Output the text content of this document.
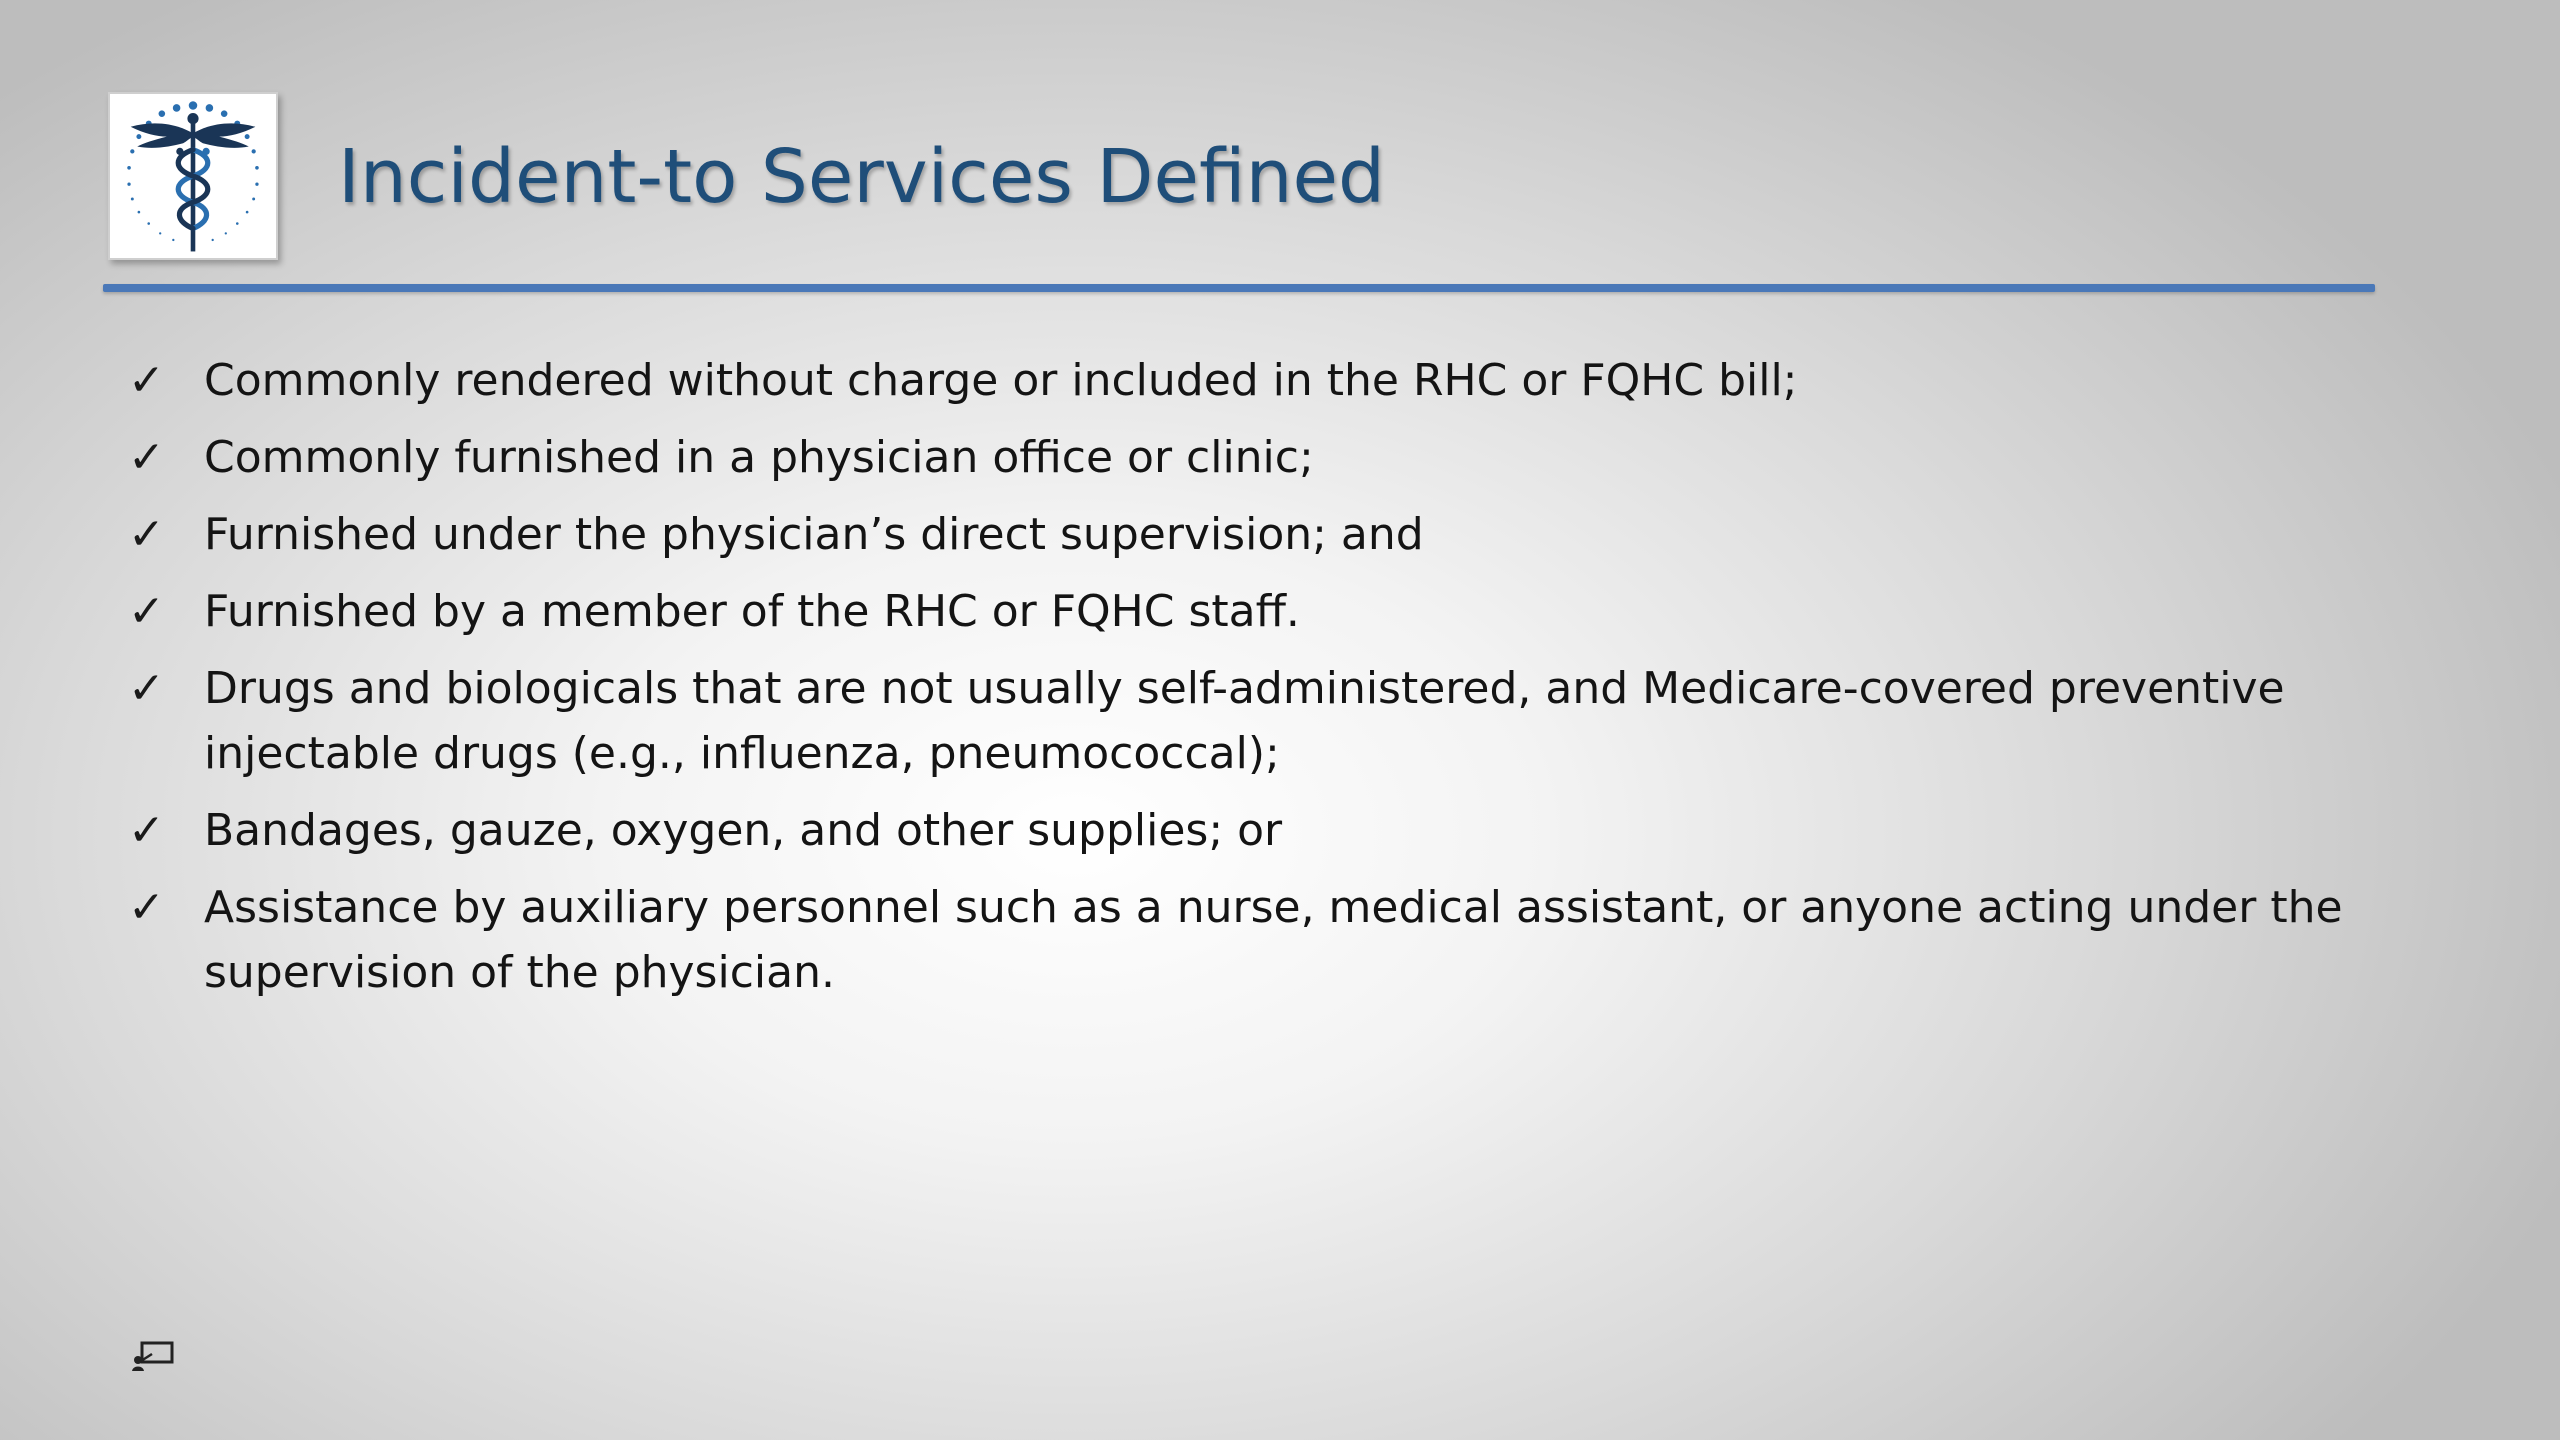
Incident-to Services Defined
✓ Commonly rendered without charge or included in the RHC or FQHC bill;
✓ Commonly furnished in a physician office or clinic;
✓ Furnished under the physician’s direct supervision; and
✓ Furnished by a member of the RHC or FQHC staff.
✓ Drugs and biologicals that are not usually self-administered, and Medicare-covered preventive injectable drugs (e.g., influenza, pneumococcal);
✓ Bandages, gauze, oxygen, and other supplies; or
✓ Assistance by auxiliary personnel such as a nurse, medical assistant, or anyone acting under the supervision of the physician.
